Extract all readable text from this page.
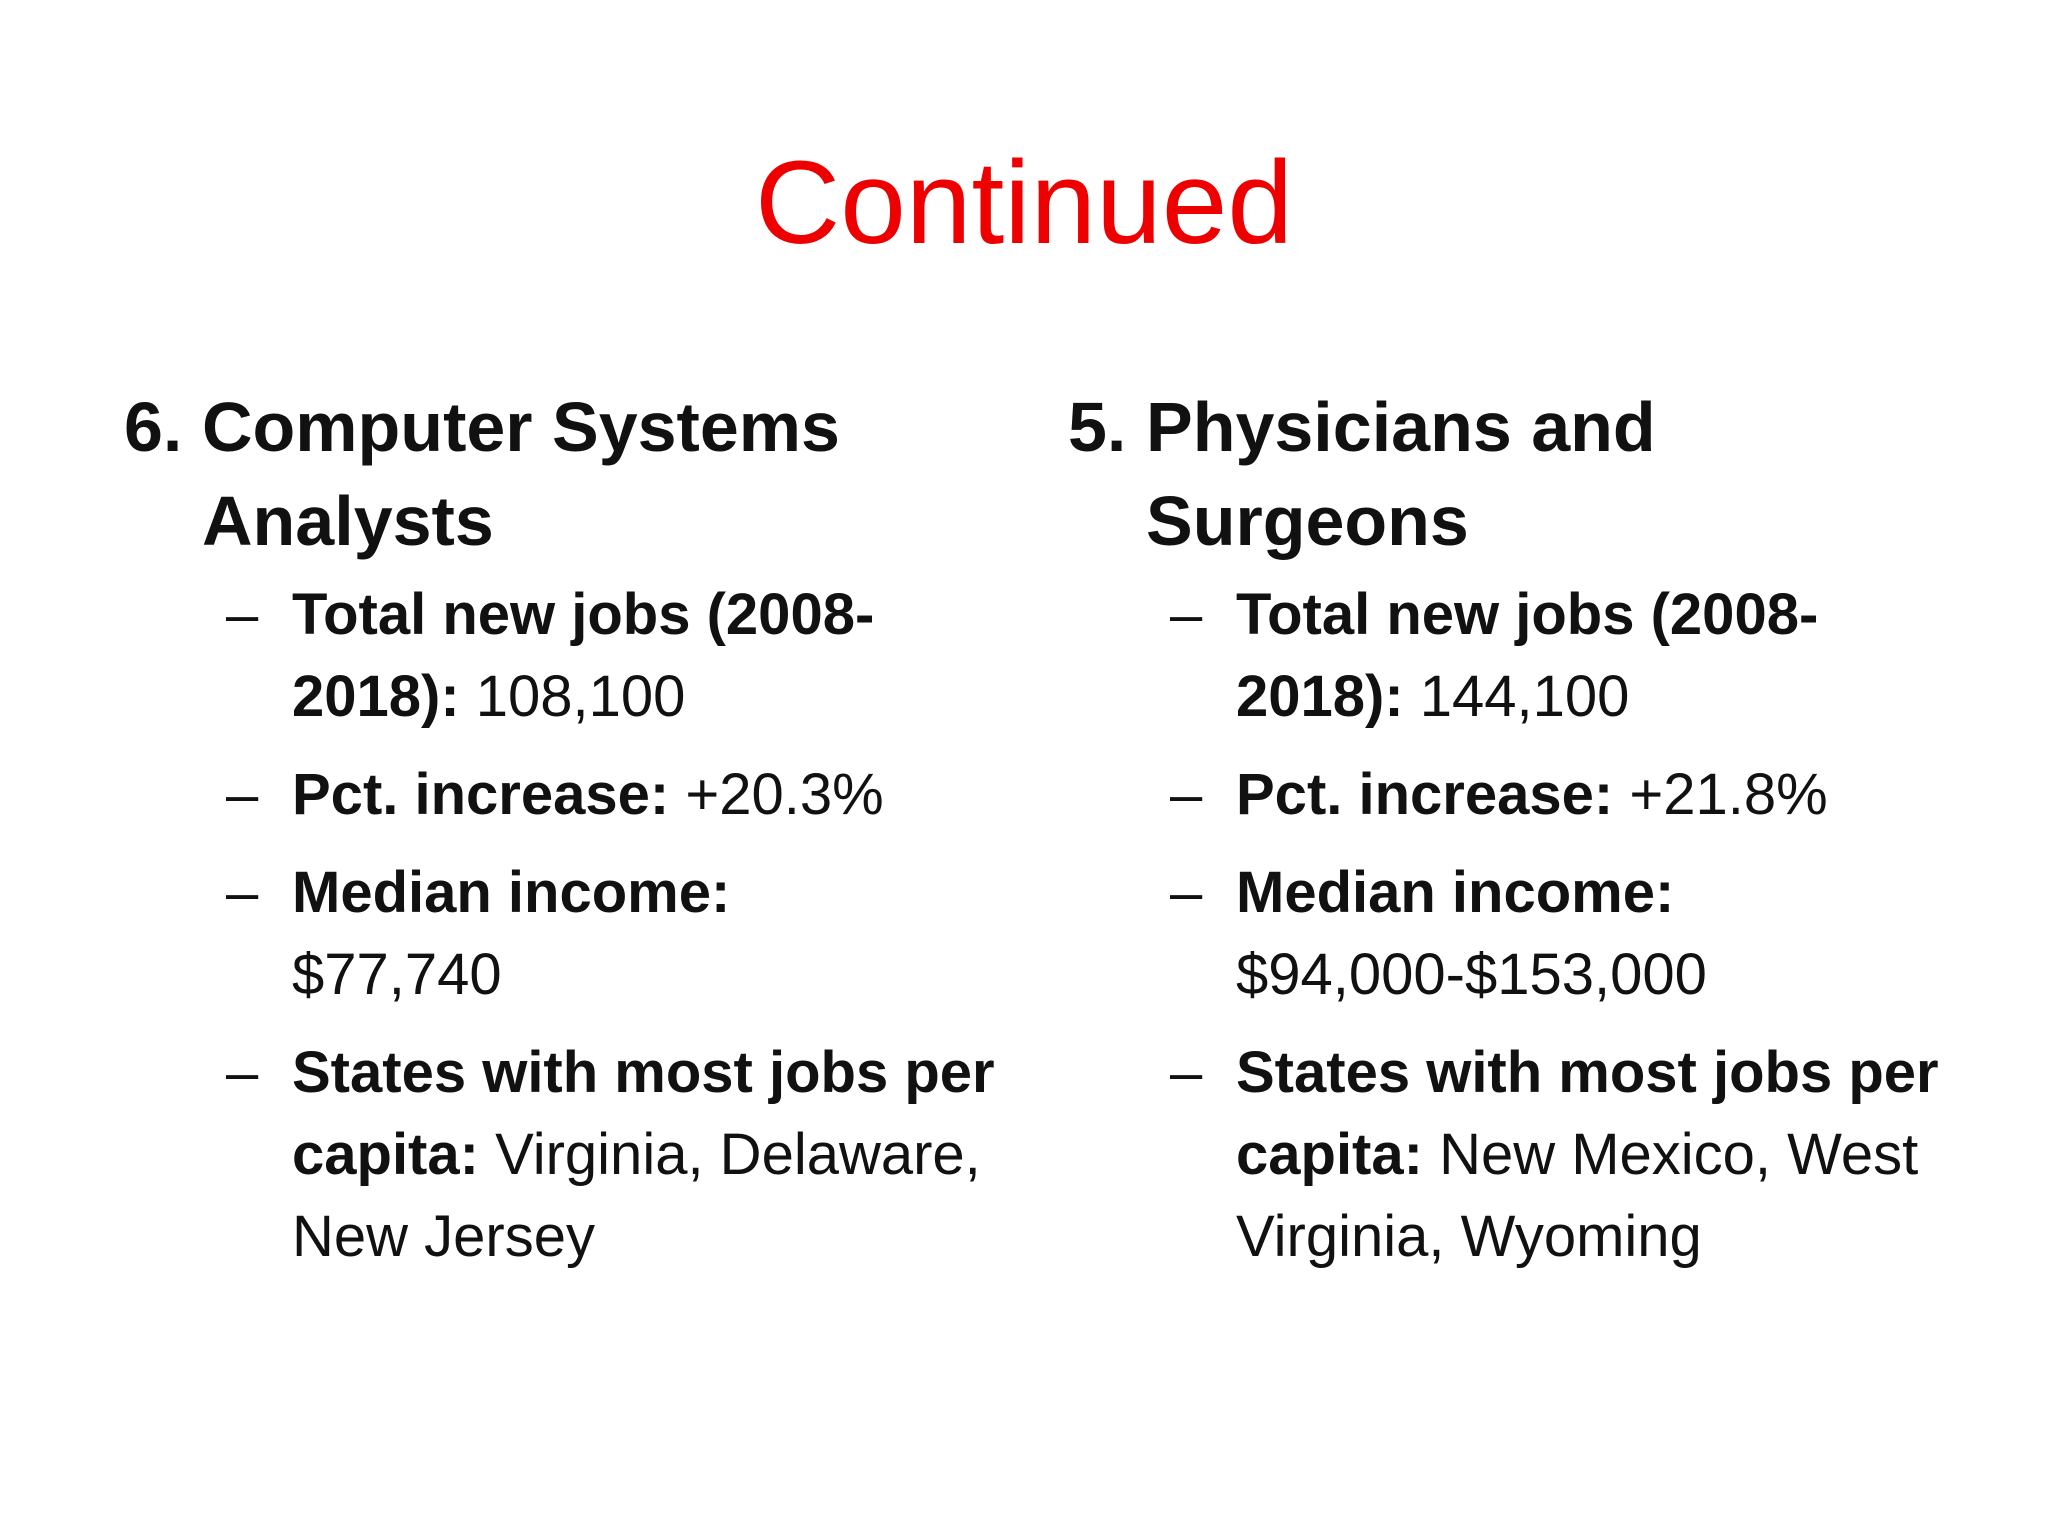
Continued
6. Computer Systems Analysts
– Total new jobs (2008-2018): 108,100
– Pct. increase: +20.3%
– Median income:
$77,740
– States with most jobs per capita: Virginia, Delaware, New Jersey
5. Physicians and Surgeons
– Total new jobs (2008-2018): 144,100
– Pct. increase: +21.8%
– Median income:
$94,000-$153,000
– States with most jobs per capita: New Mexico, West Virginia, Wyoming
